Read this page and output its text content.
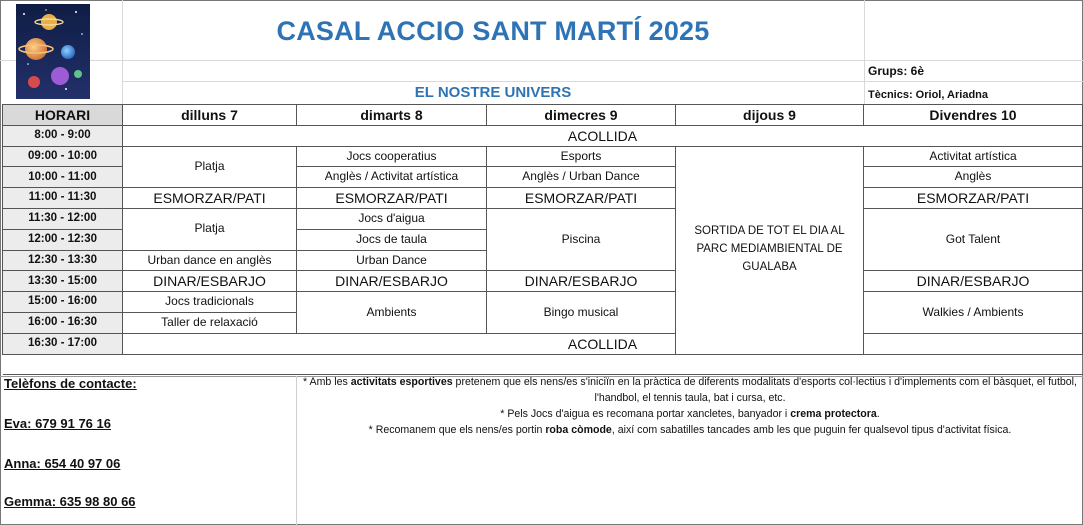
CASAL ACCIO SANT MARTÍ 2025
EL NOSTRE UNIVERS
Grups: 6è
Tècnics: Oriol, Ariadna
HORARI	dilluns 7	dimarts 8	dimecres 9	dijous 9	Divendres 10
8:00 - 9:00	ACOLLIDA				
09:00 - 10:00	Platja	Jocs cooperatius	Esports	SORTIDA DE TOT EL DIA AL PARC MEDIAMBIENTAL DE GUALABA	Activitat artística
10:00 - 11:00		Anglès / Activitat artística	Anglès / Urban Dance		Anglès
11:00 - 11:30	ESMORZAR/PATI	ESMORZAR/PATI	ESMORZAR/PATI		ESMORZAR/PATI
11:30 - 12:00	Platja	Jocs d'aigua	Piscina		Got Talent
12:00 - 12:30		Jocs de taula			
12:30 - 13:30	Urban dance en anglès	Urban Dance			
13:30 - 15:00	DINAR/ESBARJO	DINAR/ESBARJO	DINAR/ESBARJO		DINAR/ESBARJO
15:00 - 16:00	Jocs tradicionals	Ambients	Bingo musical		Walkies / Ambients
16:00 - 16:30	Taller de relaxació				
16:30 - 17:00	ACOLLIDA				

Telèfons de contacte:
Eva: 679 91 76 16
Anna: 654 40 97 06
Gemma: 635 98 80 66

* Amb les activitats esportives pretenem que els nens/es s'iniciïn en la pràctica de diferents modalitats d'esports col·lectius i d'implements com el bàsquet, el futbol, l'handbol, el tennis taula, bat i cursa, etc.

* Pels Jocs d'aigua es recomana portar xancletes, banyador i crema protectora.

* Recomanem que els nens/es portin roba còmode, així com sabatilles tancades amb les que puguin fer qualsevol tipus d'activitat física.
